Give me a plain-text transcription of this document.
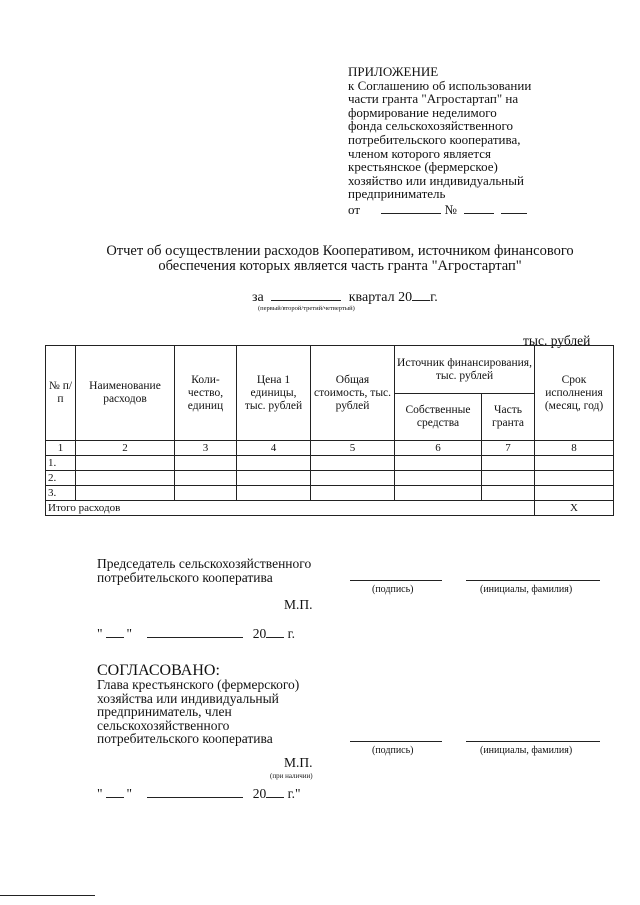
ПРИЛОЖЕНИЕ
к Соглашению об использовании
части гранта "Агростартап" на
формирование неделимого
фонда сельскохозяйственного
потребительского кооператива,
членом которого является
крестьянское (фермерское)
хозяйство или индивидуальный
предприниматель
от	№
Отчет об осуществлении расходов Кооперативом, источником финансового
обеспечения которых является часть гранта "Агростартап"
за	квартал 20 г.
(первый/второй/третий/четвертый)
тыс. рублей
№ п/п	Наименование расходов	Коли-чество, единиц	Цена 1 единицы, тыс. рублей	Общая стоимость, тыс. рублей	Источник финансирования, тыс. рублей		Срок исполнения (месяц, год)
					Собственные средства	Часть гранта	
1	2	3	4	5	6	7	8
1.							
2.							
3.							
Итого расходов							Х
Председатель сельскохозяйственного
потребительского кооператива
(подпись)	(инициалы, фамилия)
М.П.
" "	20 г.
СОГЛАСОВАНО:
Глава крестьянского (фермерского)
хозяйства или индивидуальный
предприниматель, член
сельскохозяйственного
потребительского кооператива
(подпись)	(инициалы, фамилия)
М.П.
(при наличии)
" "	20 г."
